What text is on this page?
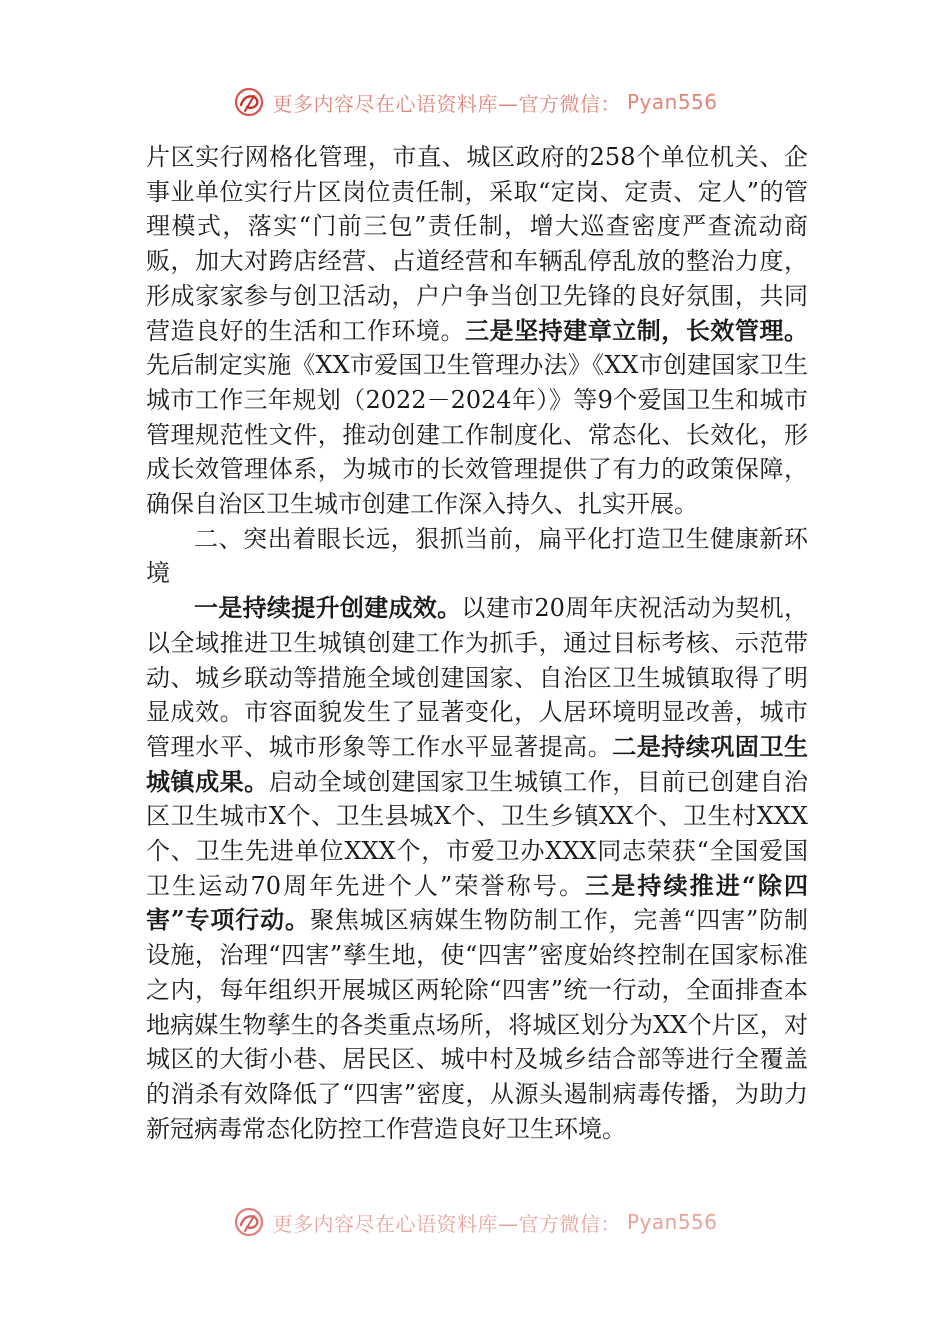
更多内容尽在心语资料库—官方微信： Pyan556

片区实行网格化管理，市直、城区政府的258个单位机关、企事业单位实行片区岗位责任制，采取“定岗、定责、定人”的管理模式，落实“门前三包”责任制，增大巡查密度严查流动商贩，加大对跨店经营、占道经营和车辆乱停乱放的整治力度，形成家家参与创卫活动，户户争当创卫先锋的良好氛围，共同营造良好的生活和工作环境。三是坚持建章立制，长效管理。先后制定实施《XX市爱国卫生管理办法》《XX市创建国家卫生城市工作三年规划（2022－2024年）》等9个爱国卫生和城市管理规范性文件，推动创建工作制度化、常态化、长效化，形成长效管理体系，为城市的长效管理提供了有力的政策保障，确保自治区卫生城市创建工作深入持久、扎实开展。

二、突出着眼长远，狠抓当前，扁平化打造卫生健康新环境

一是持续提升创建成效。以建市20周年庆祝活动为契机，以全域推进卫生城镇创建工作为抓手，通过目标考核、示范带动、城乡联动等措施全域创建国家、自治区卫生城镇取得了明显成效。市容面貌发生了显著变化，人居环境明显改善，城市管理水平、城市形象等工作水平显著提高。二是持续巩固卫生城镇成果。启动全域创建国家卫生城镇工作，目前已创建自治区卫生城市X个、卫生县城X个、卫生乡镇XX个、卫生村XXX个、卫生先进单位XXX个，市爱卫办XXX同志荣获“全国爱国卫生运动70周年先进个人”荣誉称号。三是持续推进“除四害”专项行动。聚焦城区病媒生物防制工作，完善“四害”防制设施，治理“四害”孳生地，使“四害”密度始终控制在国家标准之内，每年组织开展城区两轮除“四害”统一行动，全面排查本地病媒生物孳生的各类重点场所，将城区划分为XX个片区，对城区的大街小巷、居民区、城中村及城乡结合部等进行全覆盖的消杀有效降低了“四害”密度，从源头遏制病毒传播，为助力新冠病毒常态化防控工作营造良好卫生环境。

更多内容尽在心语资料库—官方微信： Pyan556
